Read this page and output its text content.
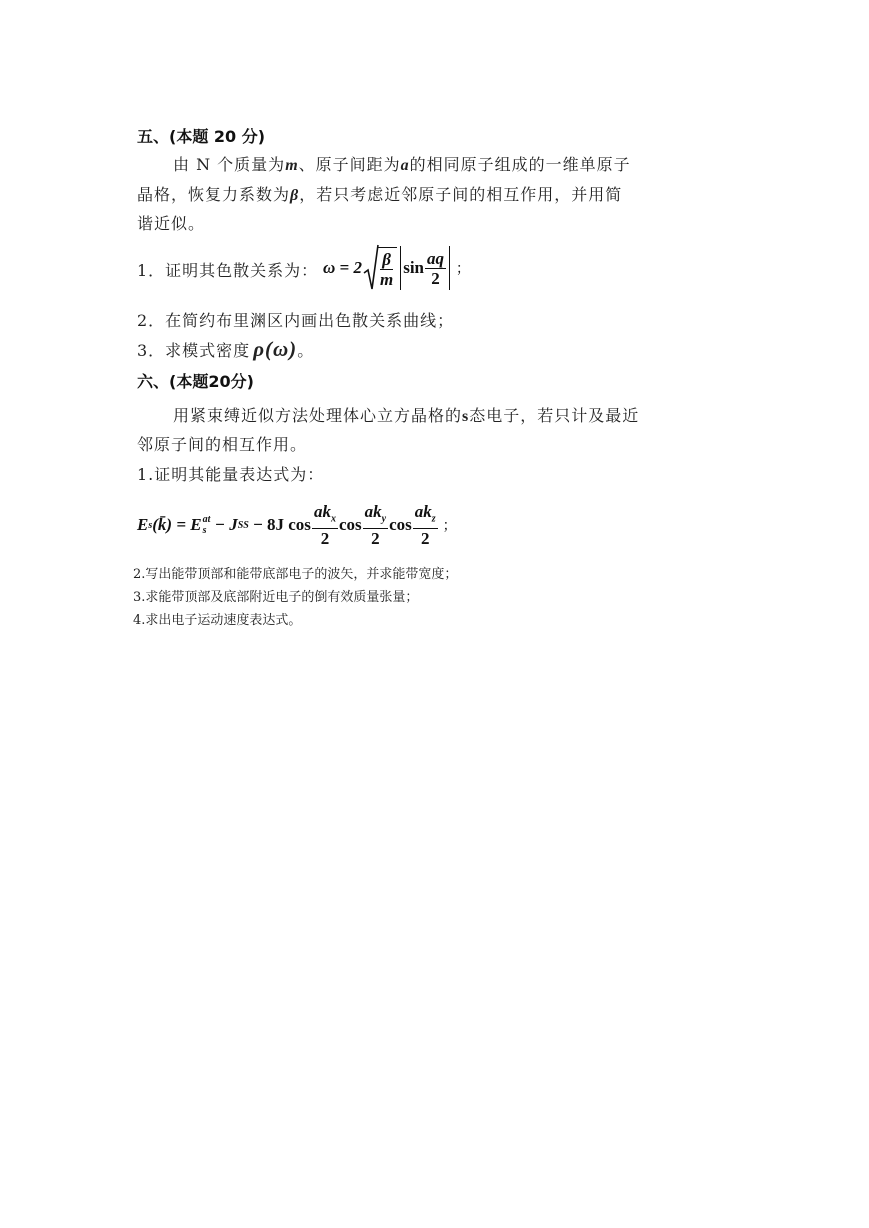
五、(本题 20 分)
由 N 个质量为m、原子间距为a的相同原子组成的一维单原子
晶格，恢复力系数为β，若只考虑近邻原子间的相互作用，并用简
谐近似。
1．证明其色散关系为： $\omega = 2 \frac{\beta}{m}$ $\sin \frac{aq}{2}$ ；
2．在简约布里渊区内画出色散关系曲线；
3．求模式密度 ρ(ω) 。
六、(本题20分)
用紧束缚近似方法处理体心立方晶格的s态电子，若只计及最近
邻原子间的相互作用。
1.证明其能量表达式为：
E s (k̄) = E at
s − J SS − 8J $\cos \frac{ak_x}{2}$ $\cos \frac{ak_y}{2}$ $\cos \frac{ak_z}{2}$ ；
2.写出能带顶部和能带底部电子的波矢，并求能带宽度；
3.求能带顶部及底部附近电子的倒有效质量张量；
4.求出电子运动速度表达式。
